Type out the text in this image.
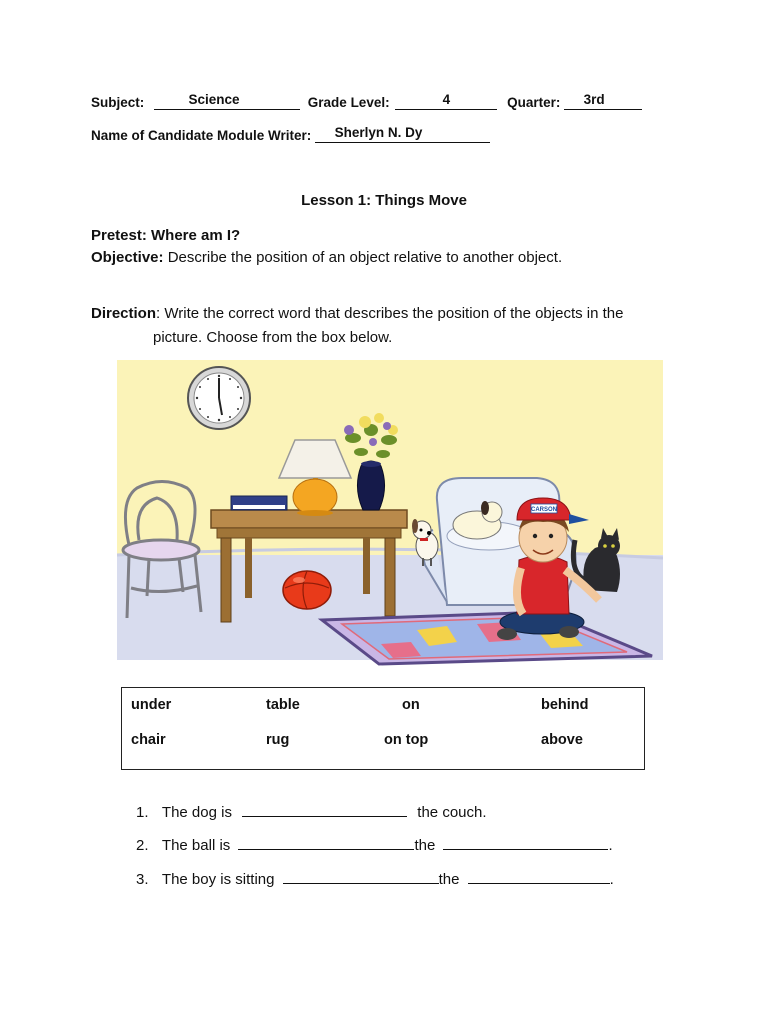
Subject:	Science	Grade Level:	4	Quarter: 3rd
Name of Candidate Module Writer: Sherlyn N. Dy
Lesson 1: Things Move
Pretest: Where am I?
Objective: Describe the position of an object relative to another object.
Direction: Write the correct word that describes the position of the objects in the
picture. Choose from the box below.
CARSON
under	table	on	behind
chair	rug	on top	above
1. The dog is	the couch.
2. The ball is	the	.
3. The boy is sitting	the	.
